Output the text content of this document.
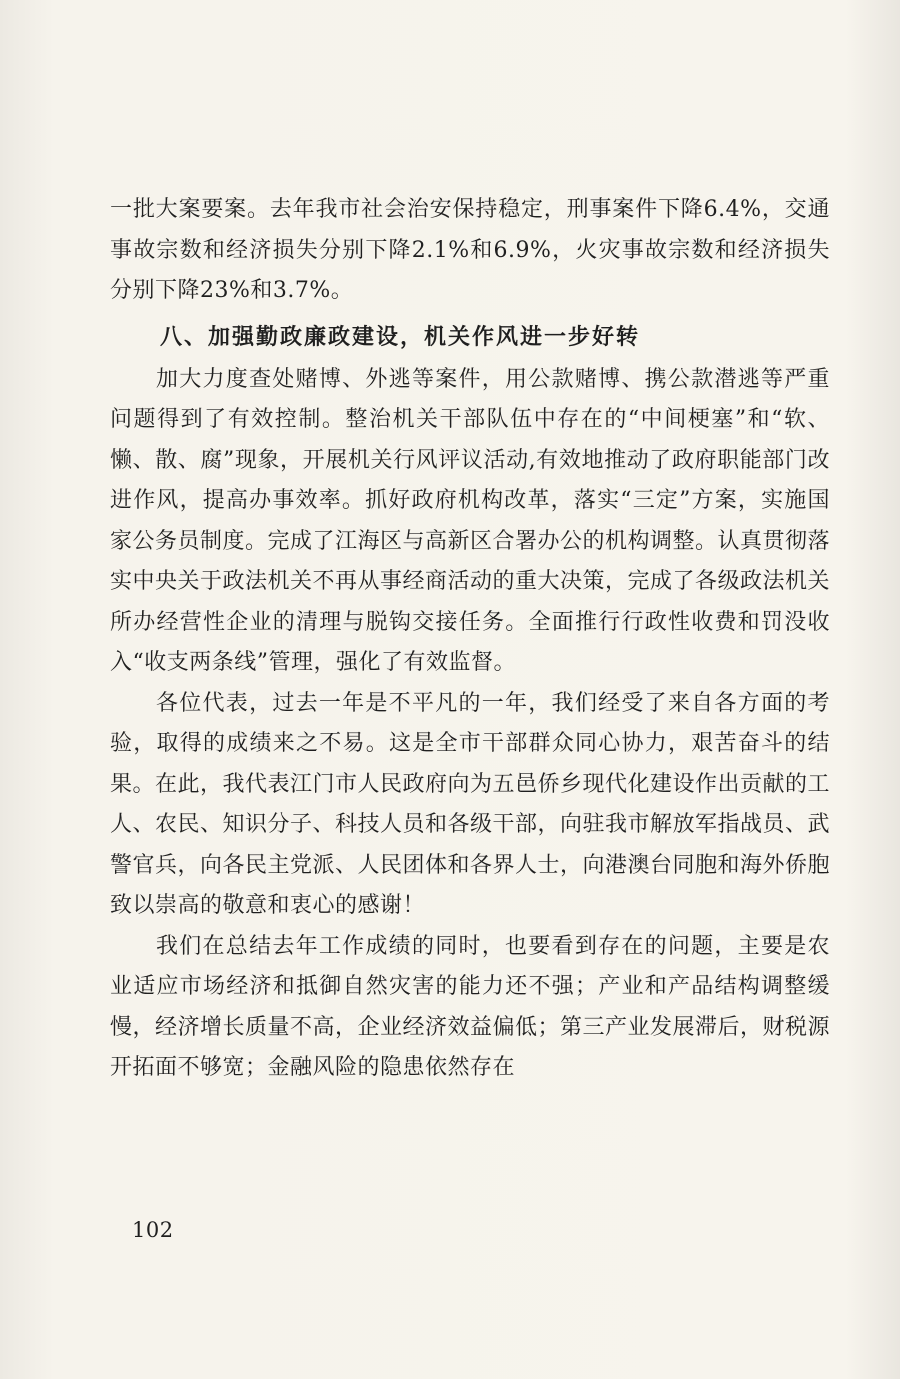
一批大案要案。去年我市社会治安保持稳定，刑事案件下降6.4%，交通事故宗数和经济损失分别下降2.1%和6.9%，火灾事故宗数和经济损失分别下降23%和3.7%。

八、加强勤政廉政建设，机关作风进一步好转

加大力度查处赌博、外逃等案件，用公款赌博、携公款潜逃等严重问题得到了有效控制。整治机关干部队伍中存在的“中间梗塞”和“软、懒、散、腐”现象，开展机关行风评议活动,有效地推动了政府职能部门改进作风，提高办事效率。抓好政府机构改革，落实“三定”方案，实施国家公务员制度。完成了江海区与高新区合署办公的机构调整。认真贯彻落实中央关于政法机关不再从事经商活动的重大决策，完成了各级政法机关所办经营性企业的清理与脱钩交接任务。全面推行行政性收费和罚没收入“收支两条线”管理，强化了有效监督。

各位代表，过去一年是不平凡的一年，我们经受了来自各方面的考验，取得的成绩来之不易。这是全市干部群众同心协力，艰苦奋斗的结果。在此，我代表江门市人民政府向为五邑侨乡现代化建设作出贡献的工人、农民、知识分子、科技人员和各级干部，向驻我市解放军指战员、武警官兵，向各民主党派、人民团体和各界人士，向港澳台同胞和海外侨胞致以崇高的敬意和衷心的感谢！

我们在总结去年工作成绩的同时，也要看到存在的问题，主要是农业适应市场经济和抵御自然灾害的能力还不强；产业和产品结构调整缓慢，经济增长质量不高，企业经济效益偏低；第三产业发展滞后，财税源开拓面不够宽；金融风险的隐患依然存在

102
